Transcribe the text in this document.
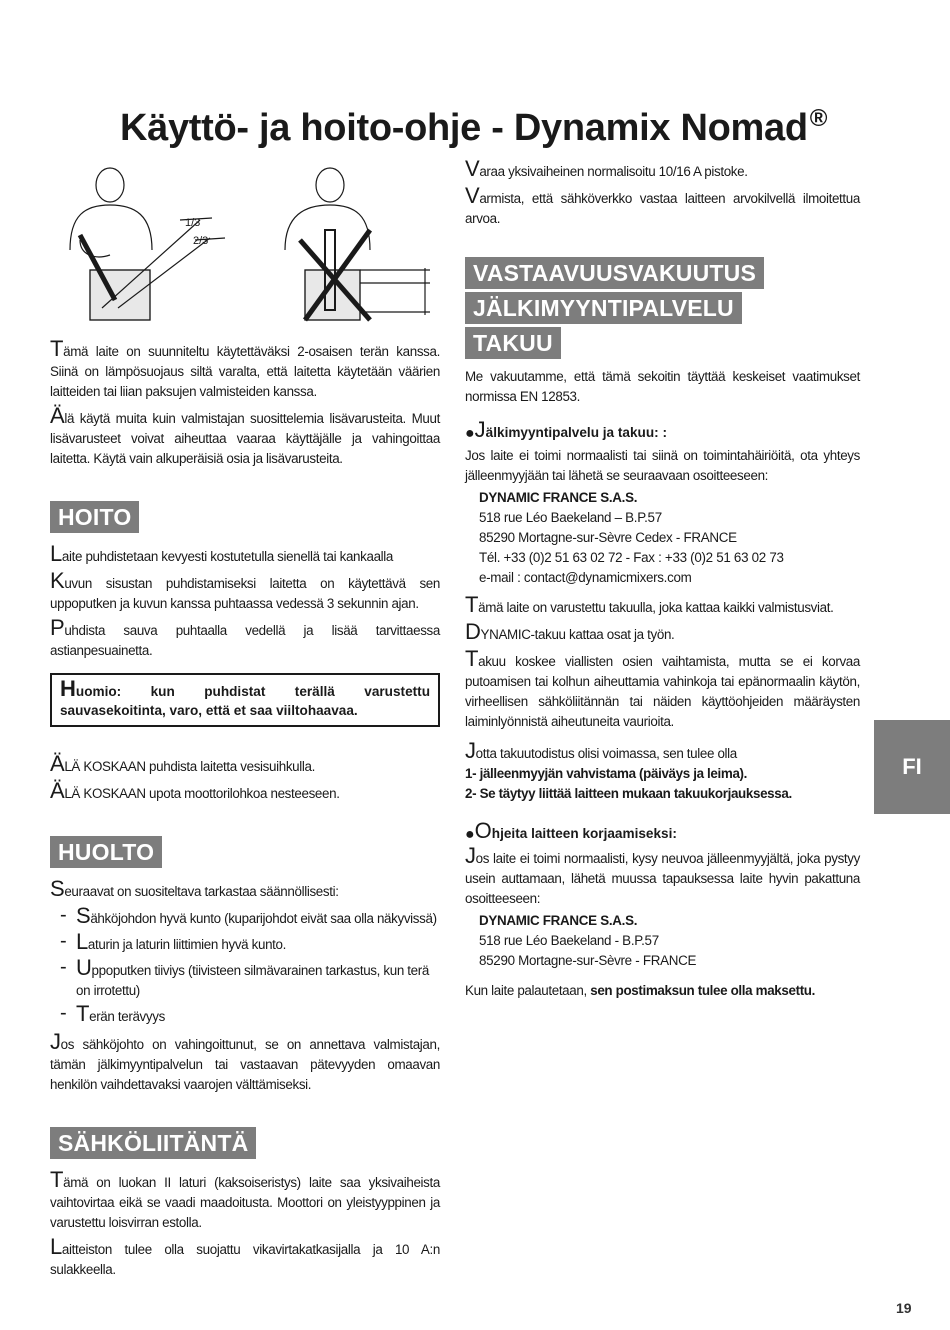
Käyttö- ja hoito-ohje - Dynamix Nomad®
1/3
2/3

Tämä laite on suunniteltu käytettäväksi 2-osaisen terän kanssa. Siinä on lämpösuojaus siltä varalta, että laitetta käytetään väärien laitteiden tai liian paksujen valmisteiden kanssa.

Älä käytä muita kuin valmistajan suosittelemia lisävarusteita. Muut lisävarusteet voivat aiheuttaa vaaraa käyttäjälle ja vahingoittaa laitetta. Käytä vain alkuperäisiä osia ja lisävarusteita.

HOITO

Laite puhdistetaan kevyesti kostutetulla sienellä tai kankaalla

Kuvun sisustan puhdistamiseksi laitetta on käytettävä sen uppoputken ja kuvun kanssa puhtaassa vedessä 3 sekunnin ajan.

Puhdista sauva puhtaalla vedellä ja lisää tarvittaessa astianpesuainetta.

Huomio: kun puhdistat terällä varustettu sauvasekoitinta, varo, että et saa viiltohaavaa.

ÄLÄ KOSKAAN puhdista laitetta vesisuihkulla.

ÄLÄ KOSKAAN upota moottorilohkoa nesteeseen.

HUOLTO

Seuraavat on suositeltava tarkastaa säännöllisesti:

- Sähköjohdon hyvä kunto (kuparijohdot eivät saa olla näkyvissä)
- Laturin ja laturin liittimien hyvä kunto.
- Uppoputken tiiviys (tiivisteen silmävarainen tarkastus, kun terä on irrotettu)
- Terän terävyys

Jos sähköjohto on vahingoittunut, se on annettava valmistajan, tämän jälkimyyntipalvelun tai vastaavan pätevyyden omaavan henkilön vaihdettavaksi vaarojen välttämiseksi.

SÄHKÖLIITÄNTÄ

Tämä on luokan II laturi (kaksoiseristys) laite saa yksivaiheista vaihtovirtaa eikä se vaadi maadoitusta. Moottori on yleistyyppinen ja varustettu loisvirran estolla.

Laitteiston tulee olla suojattu vikavirtakatkasijalla ja 10 A:n sulakkeella.

Varaa yksivaiheinen normalisoitu 10/16 A pistoke.

Varmista, että sähköverkko vastaa laitteen arvokilvellä ilmoitettua arvoa.

VASTAAVUUSVAKUUTUS
JÄLKIMYYNTIPALVELU
TAKUU

Me vakuutamme, että tämä sekoitin täyttää keskeiset vaatimukset normissa EN 12853.

●Jälkimyyntipalvelu ja takuu: :

Jos laite ei toimi normaalisti tai siinä on toimintahäiriöitä, ota yhteys jälleenmyyjään tai lähetä se seuraavaan osoitteeseen:

DYNAMIC FRANCE S.A.S.
518 rue Léo Baekeland – B.P.57
85290 Mortagne-sur-Sèvre Cedex - FRANCE
Tél. +33 (0)2 51 63 02 72 - Fax : +33 (0)2 51 63 02 73
e-mail : contact@dynamicmixers.com

Tämä laite on varustettu takuulla, joka kattaa kaikki valmistusviat.

DYNAMIC-takuu kattaa osat ja työn.

Takuu koskee viallisten osien vaihtamista, mutta se ei korvaa putoamisen tai kolhun aiheuttamia vahinkoja tai epänormaalin käytön, virheellisen sähköliitännän tai näiden käyttöohjeiden määräysten laiminlyönnistä aiheutuneita vaurioita.

Jotta takuutodistus olisi voimassa, sen tulee olla

1- jälleenmyyjän vahvistama (päiväys ja leima).

2- Se täytyy liittää laitteen mukaan takuukorjauksessa.

●Ohjeita laitteen korjaamiseksi:

Jos laite ei toimi normaalisti, kysy neuvoa jälleenmyyjältä, joka pystyy usein auttamaan, lähetä muussa tapauksessa laite hyvin pakattuna osoitteeseen:

DYNAMIC FRANCE S.A.S.
518 rue Léo Baekeland - B.P.57
85290 Mortagne-sur-Sèvre - FRANCE

Kun laite palautetaan, sen postimaksun tulee olla maksettu.

FI
19
